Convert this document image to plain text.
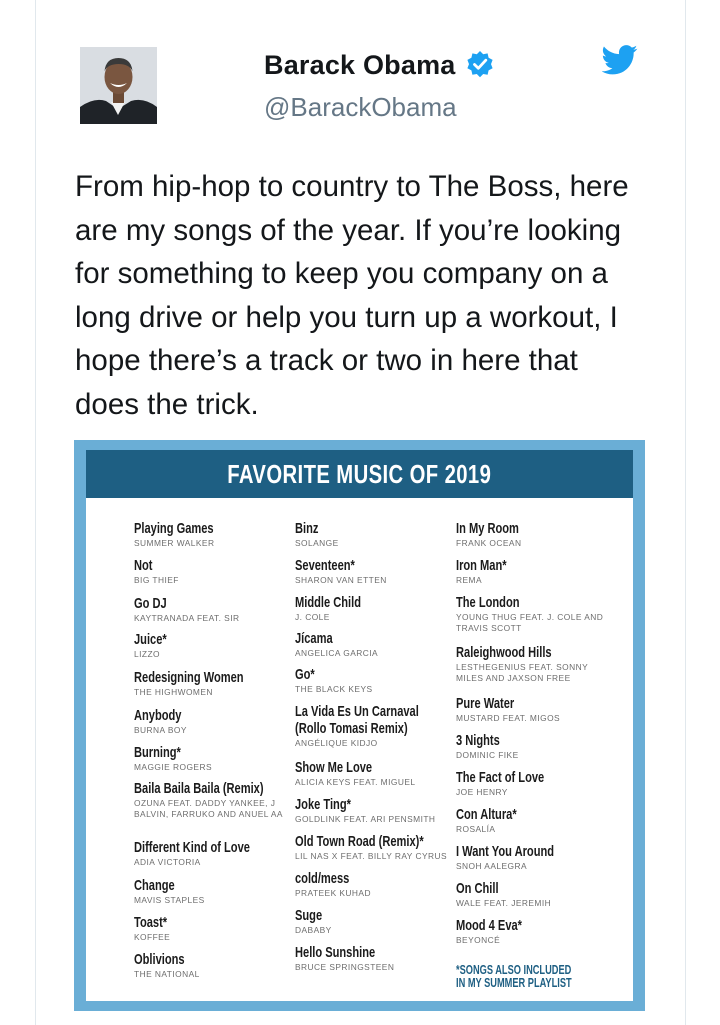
Barack Obama
@BarackObama
From hip-hop to country to The Boss, here are my songs of the year. If you’re looking for something to keep you company on a long drive or help you turn up a workout, I hope there’s a track or two in here that does the trick.
FAVORITE MUSIC OF 2019
Playing Games
SUMMER WALKER
Not
BIG THIEF
Go DJ
KAYTRANADA FEAT. SIR
Juice*
LIZZO
Redesigning Women
THE HIGHWOMEN
Anybody
BURNA BOY
Burning*
MAGGIE ROGERS
Baila Baila Baila (Remix)
OZUNA FEAT. DADDY YANKEE, J BALVIN, FARRUKO AND ANUEL AA
Different Kind of Love
ADIA VICTORIA
Change
MAVIS STAPLES
Toast*
KOFFEE
Oblivions
THE NATIONAL
Binz
SOLANGE
Seventeen*
SHARON VAN ETTEN
Middle Child
J. COLE
Jícama
ANGELICA GARCIA
Go*
THE BLACK KEYS
La Vida Es Un Carnaval
(Rollo Tomasi Remix)
ANGÉLIQUE KIDJO
Show Me Love
ALICIA KEYS FEAT. MIGUEL
Joke Ting*
GOLDLINK FEAT. ARI PENSMITH
Old Town Road (Remix)*
LIL NAS X FEAT. BILLY RAY CYRUS
cold/mess
PRATEEK KUHAD
Suge
DABABY
Hello Sunshine
BRUCE SPRINGSTEEN
In My Room
FRANK OCEAN
Iron Man*
REMA
The London
YOUNG THUG FEAT. J. COLE AND TRAVIS SCOTT
Raleighwood Hills
LESTHEGENIUS FEAT. SONNY MILES AND JAXSON FREE
Pure Water
MUSTARD FEAT. MIGOS
3 Nights
DOMINIC FIKE
The Fact of Love
JOE HENRY
Con Altura*
ROSALÍA
I Want You Around
SNOH AALEGRA
On Chill
WALE FEAT. JEREMIH
Mood 4 Eva*
BEYONCÉ
*SONGS ALSO INCLUDED
IN MY SUMMER PLAYLIST
